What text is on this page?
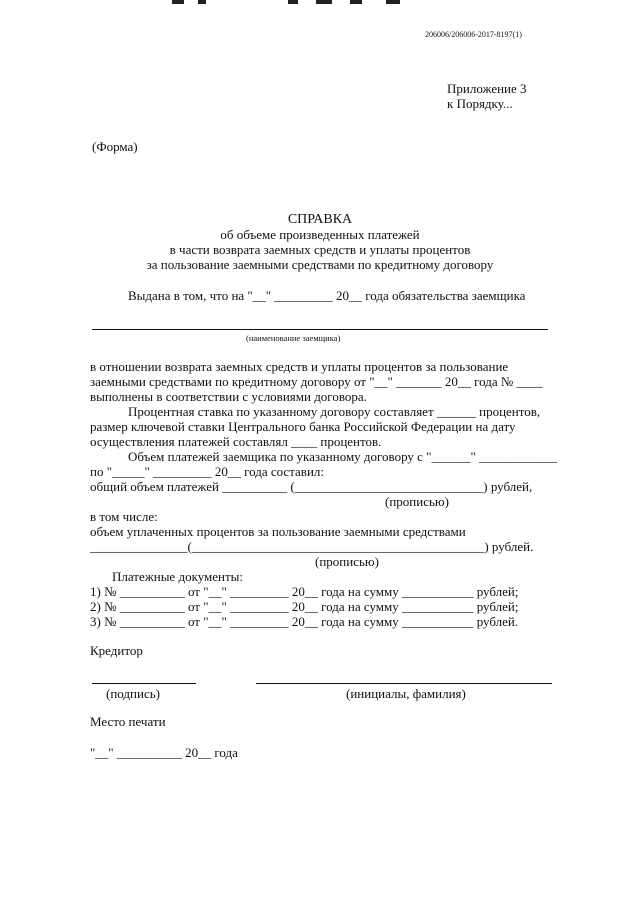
206006/206006-2017-8197(1)
Приложение 3
к Порядку...
(Форма)
СПРАВКА
об объеме произведенных платежей
в части возврата заемных средств и уплаты процентов
за пользование заемными средствами по кредитному договору
Выдана в том, что на "__" _________ 20__ года обязательства заемщика
(наименование заемщика)
в отношении возврата заемных средств и уплаты процентов за пользование
заемными средствами по кредитному договору от "__" _______ 20__ года № ____
выполнены в соответствии с условиями договора.
Процентная ставка по указанному договору составляет ______ процентов,
размер ключевой ставки Центрального банка Российской Федерации на дату
осуществления платежей составлял ____ процентов.
Объем платежей заемщика по указанному договору с "______" ____________
по "_____" _________ 20__ года составил:
общий объем платежей __________ (_____________________________) рублей,
(прописью)
в том числе:
объем уплаченных процентов за пользование заемными средствами
_______________(_____________________________________________) рублей.
(прописью)
Платежные документы:
1) № __________ от "__" _________ 20__ года на сумму ___________ рублей;
2) № __________ от "__" _________ 20__ года на сумму ___________ рублей;
3) № __________ от "__" _________ 20__ года на сумму ___________ рублей.
Кредитор
(подпись)	(инициалы, фамилия)
Место печати
"__" __________ 20__ года
